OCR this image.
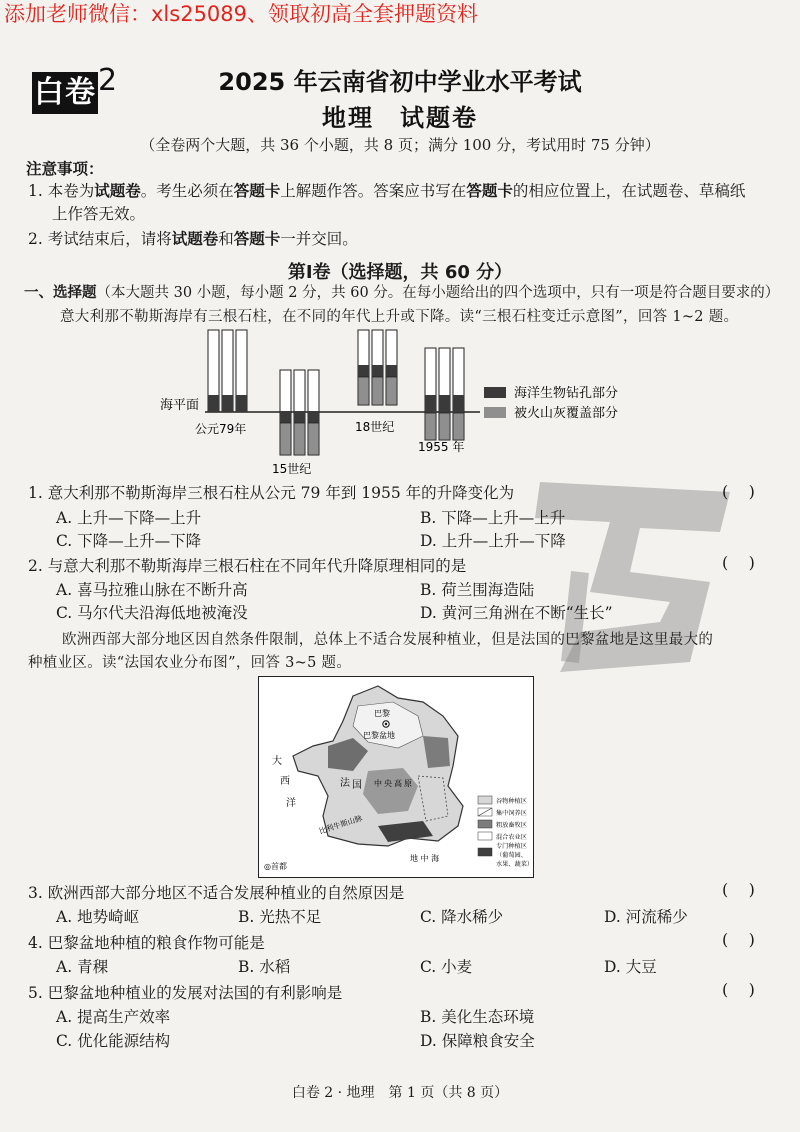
添加老师微信：xls25089、领取初高全套押题资料
白卷 2	2025 年云南省初中学业水平考试
地理 试题卷
（全卷两个大题，共 36 个小题，共 8 页；满分 100 分，考试用时 75 分钟）
注意事项：
1. 本卷为试题卷。考生必须在答题卡上解题作答。答案应书写在答题卡的相应位置上，在试题卷、草稿纸
上作答无效。
2. 考试结束后，请将试题卷和答题卡一并交回。
第Ⅰ卷（选择题，共 60 分）
一、选择题（本大题共 30 小题，每小题 2 分，共 60 分。在每小题给出的四个选项中，只有一项是符合题目要求的）
意大利那不勒斯海岸有三根石柱，在不同的年代上升或下降。读“三根石柱变迁示意图”，回答 1~2 题。
海平面
公元79年
15世纪
18世纪
1955 年
海洋生物钻孔部分
被火山灰覆盖部分
1. 意大利那不勒斯海岸三根石柱从公元 79 年到 1955 年的升降变化为	(    )
A. 上升—下降—上升	B. 下降—上升—上升
C. 下降—上升—下降	D. 上升—上升—下降
2. 与意大利那不勒斯海岸三根石柱在不同年代升降原理相同的是	(    )
A. 喜马拉雅山脉在不断升高	B. 荷兰围海造陆
C. 马尔代夫沿海低地被淹没	D. 黄河三角洲在不断“生长”
欧洲西部大部分地区因自然条件限制，总体上不适合发展种植业，但是法国的巴黎盆地是这里最大的
种植业区。读“法国农业分布图”，回答 3~5 题。
巴黎
巴黎盆地
大
西
洋
法 国 中 央 高 原
比利牛斯山脉
地 中 海
◎首都
谷物种植区
集中饲养区
粗放畜牧区
混合农业区
专门种植区
（葡萄园、
水果、蔬菜）
3. 欧洲西部大部分地区不适合发展种植业的自然原因是	(    )
A. 地势崎岖	B. 光热不足	C. 降水稀少	D. 河流稀少
4. 巴黎盆地种植的粮食作物可能是	(    )
A. 青稞	B. 水稻	C. 小麦	D. 大豆
5. 巴黎盆地种植业的发展对法国的有利影响是	(    )
A. 提高生产效率	B. 美化生态环境
C. 优化能源结构	D. 保障粮食安全
白卷 2 · 地理　第 1 页（共 8 页）
